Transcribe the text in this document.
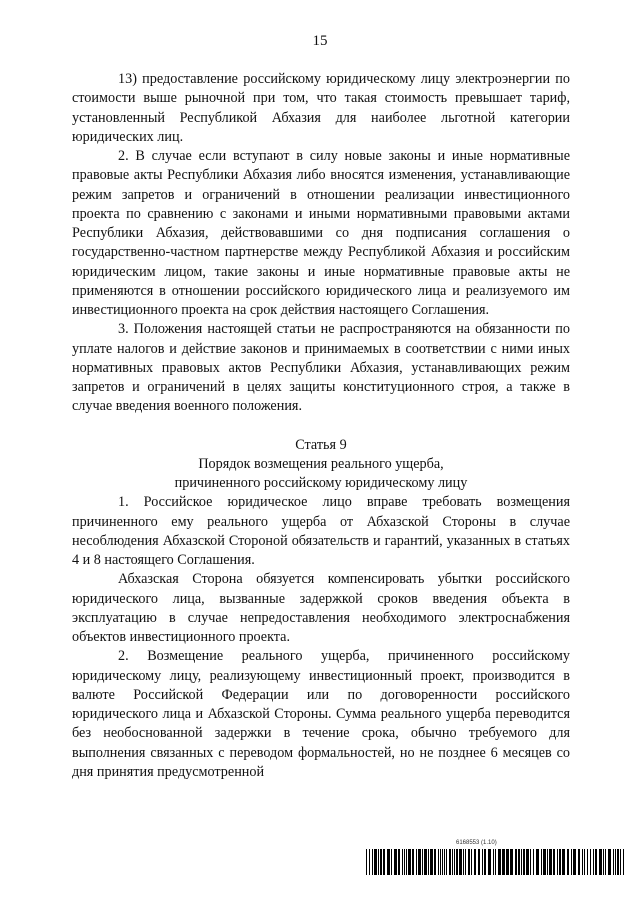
15

13) предоставление российскому юридическому лицу электроэнергии по стоимости выше рыночной при том, что такая стоимость превышает тариф, установленный Республикой Абхазия для наиболее льготной категории юридических лиц.

2. В случае если вступают в силу новые законы и иные нормативные правовые акты Республики Абхазия либо вносятся изменения, устанавливающие режим запретов и ограничений в отношении реализации инвестиционного проекта по сравнению с законами и иными нормативными правовыми актами Республики Абхазия, действовавшими со дня подписания соглашения о государственно-частном партнерстве между Республикой Абхазия и российским юридическим лицом, такие законы и иные нормативные правовые акты не применяются в отношении российского юридического лица и реализуемого им инвестиционного проекта на срок действия настоящего Соглашения.

3. Положения настоящей статьи не распространяются на обязанности по уплате налогов и действие законов и принимаемых в соответствии с ними иных нормативных правовых актов Республики Абхазия, устанавливающих режим запретов и ограничений в целях защиты конституционного строя, а также в случае введения военного положения.

Статья 9

Порядок возмещения реального ущерба,

причиненного российскому юридическому лицу

1. Российское юридическое лицо вправе требовать возмещения причиненного ему реального ущерба от Абхазской Стороны в случае несоблюдения Абхазской Стороной обязательств и гарантий, указанных в статьях 4 и 8 настоящего Соглашения.

Абхазская Сторона обязуется компенсировать убытки российского юридического лица, вызванные задержкой сроков введения объекта в эксплуатацию в случае непредоставления необходимого электроснабжения объектов инвестиционного проекта.

2. Возмещение реального ущерба, причиненного российскому юридическому лицу, реализующему инвестиционный проект, производится в валюте Российской Федерации или по договоренности российского юридического лица и Абхазской Стороны. Сумма реального ущерба переводится без необоснованной задержки в течение срока, обычно требуемого для выполнения связанных с переводом формальностей, но не позднее 6 месяцев со дня принятия предусмотренной

6168553 (1.10)
